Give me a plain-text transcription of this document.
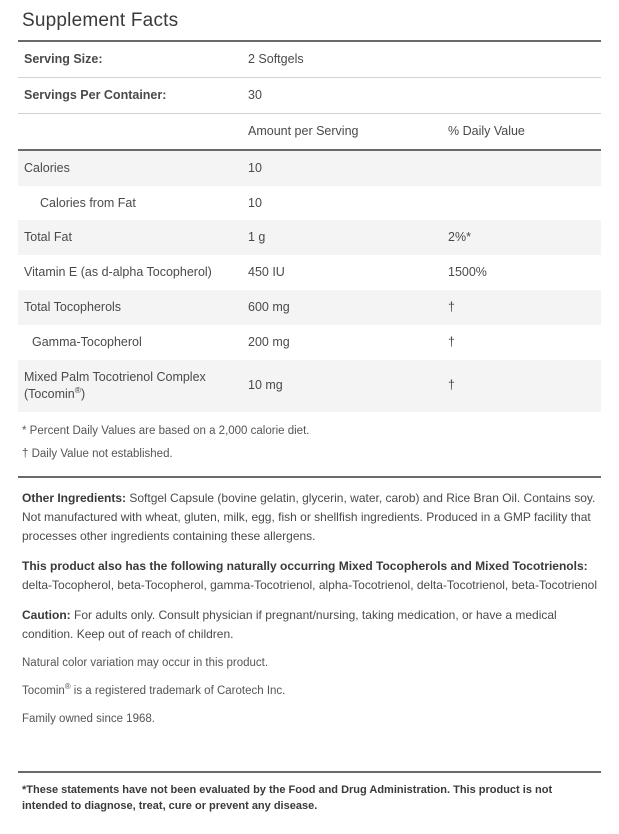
Supplement Facts
Serving Size:	2 Softgels	
Servings Per Container:	30	
	Amount per Serving	% Daily Value
Calories	10	
Calories from Fat	10	
Total Fat	1 g	2%*
Vitamin E (as d-alpha Tocopherol)	450 IU	1500%
Total Tocopherols	600 mg	†
Gamma-Tocopherol	200 mg	†
Mixed Palm Tocotrienol Complex (Tocomin®)	10 mg	†
* Percent Daily Values are based on a 2,000 calorie diet.
† Daily Value not established.
Other Ingredients: Softgel Capsule (bovine gelatin, glycerin, water, carob) and Rice Bran Oil. Contains soy. Not manufactured with wheat, gluten, milk, egg, fish or shellfish ingredients. Produced in a GMP facility that processes other ingredients containing these allergens.
This product also has the following naturally occurring Mixed Tocopherols and Mixed Tocotrienols:
delta-Tocopherol, beta-Tocopherol, gamma-Tocotrienol, alpha-Tocotrienol, delta-Tocotrienol, beta-Tocotrienol
Caution: For adults only. Consult physician if pregnant/nursing, taking medication, or have a medical condition. Keep out of reach of children.
Natural color variation may occur in this product.
Tocomin® is a registered trademark of Carotech Inc.
Family owned since 1968.
*These statements have not been evaluated by the Food and Drug Administration. This product is not intended to diagnose, treat, cure or prevent any disease.
